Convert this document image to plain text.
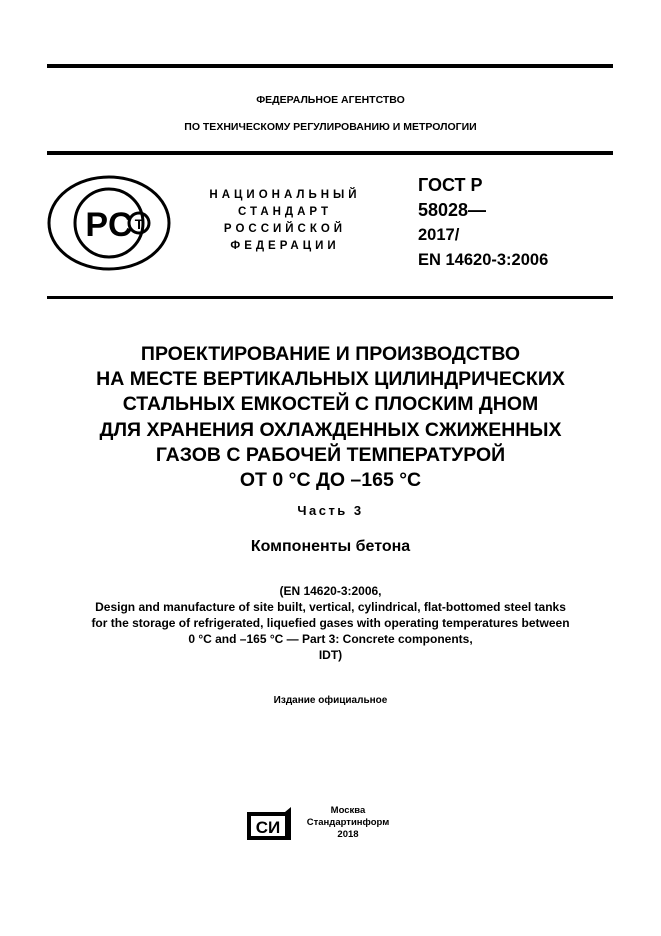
ФЕДЕРАЛЬНОЕ АГЕНТСТВО
ПО ТЕХНИЧЕСКОМУ РЕГУЛИРОВАНИЮ И МЕТРОЛОГИИ
PC T
НАЦИОНАЛЬНЫЙ
СТАНДАРТ
РОССИЙСКОЙ
ФЕДЕРАЦИИ
ГОСТ Р
58028—
2017/
EN 14620-3:2006
ПРОЕКТИРОВАНИЕ И ПРОИЗВОДСТВО
НА МЕСТЕ ВЕРТИКАЛЬНЫХ ЦИЛИНДРИЧЕСКИХ
СТАЛЬНЫХ ЕМКОСТЕЙ С ПЛОСКИМ ДНОМ
ДЛЯ ХРАНЕНИЯ ОХЛАЖДЕННЫХ СЖИЖЕННЫХ
ГАЗОВ С РАБОЧЕЙ ТЕМПЕРАТУРОЙ
ОТ 0 °С ДО –165 °С
Часть 3
Компоненты бетона
(EN 14620-3:2006,
Design and manufacture of site built, vertical, cylindrical, flat-bottomed steel tanks
for the storage of refrigerated, liquefied gases with operating temperatures between
0 °C and –165 °C — Part 3: Concrete components,
IDT)
Издание официальное
CИ
Москва
Стандартинформ
2018
